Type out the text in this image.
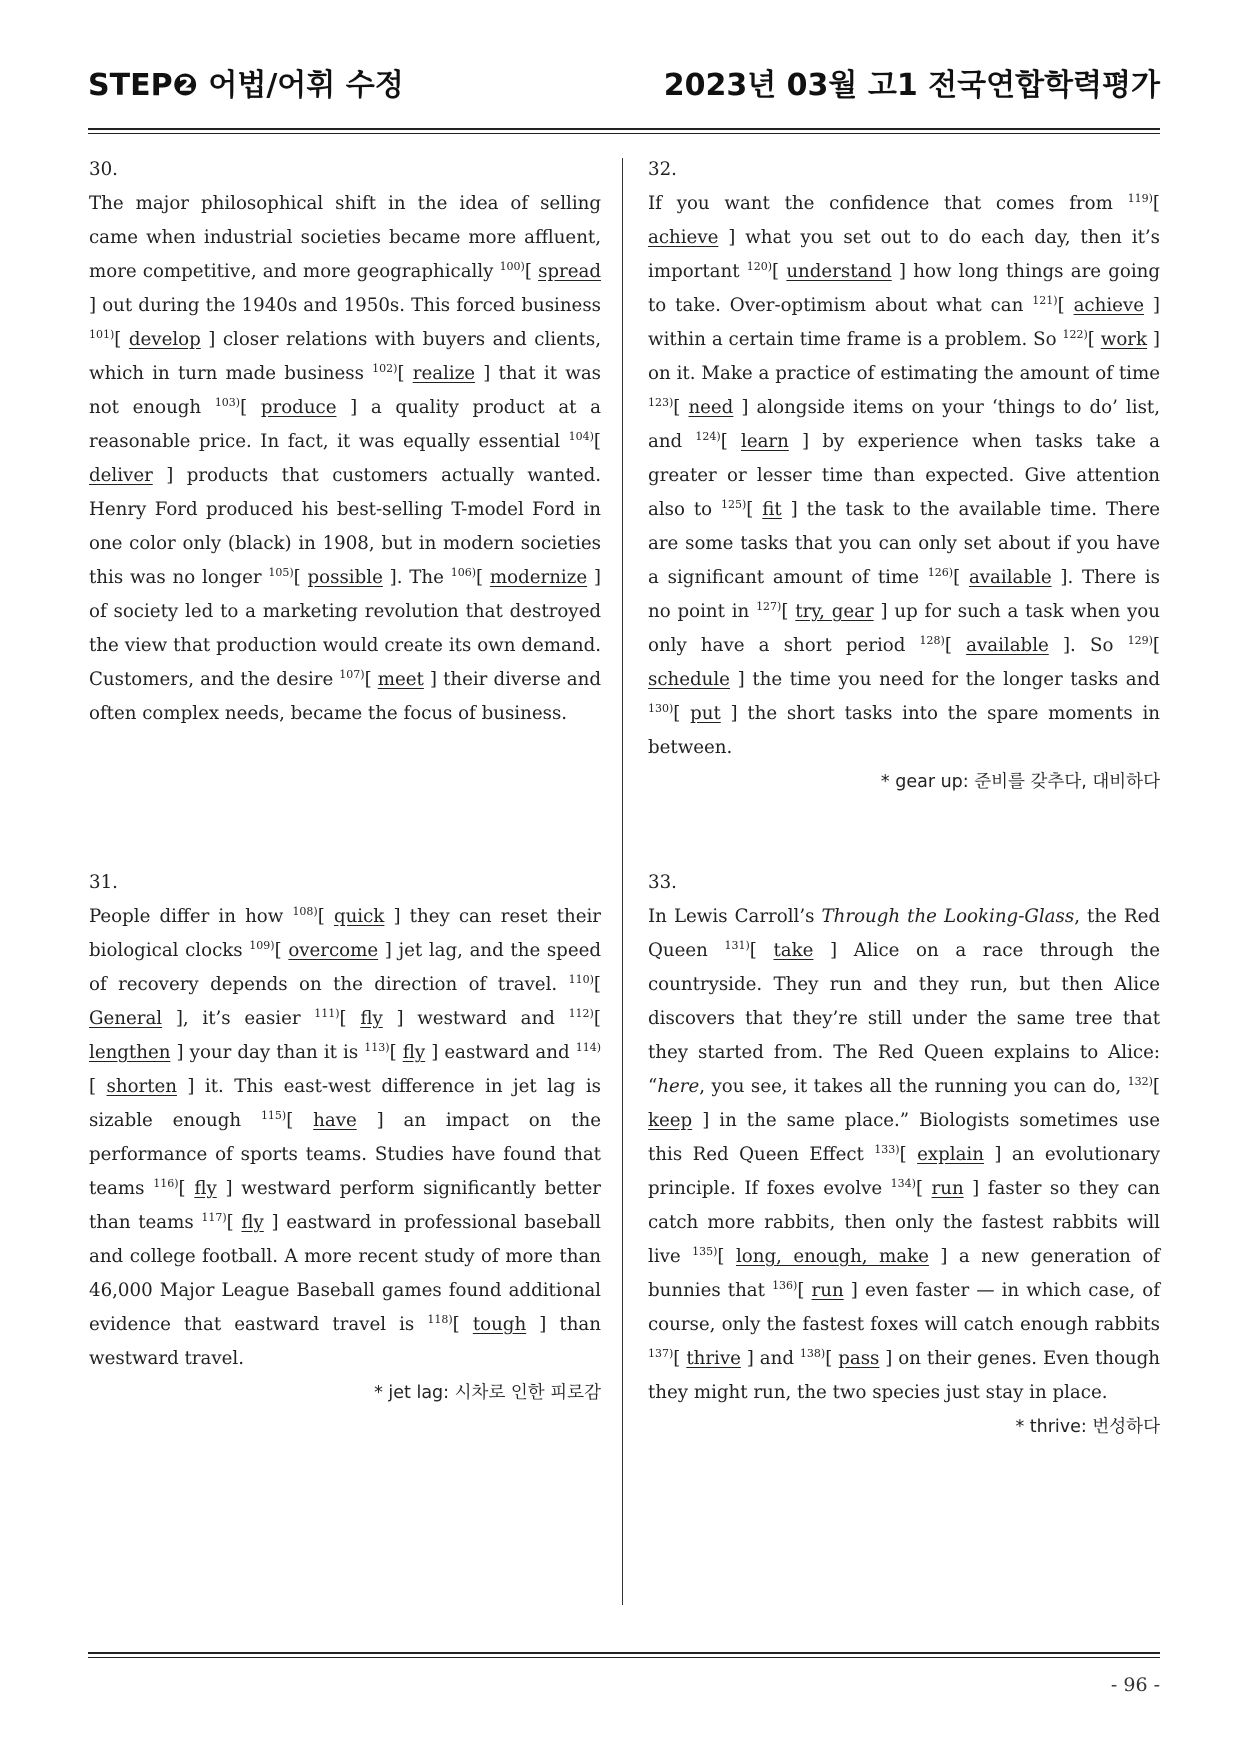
STEP❷ 어법/어휘 수정	2023년 03월 고1 전국연합학력평가
30.
The major philosophical shift in the idea of selling came when industrial societies became more affluent, more competitive, and more geographically $^{100)}$[ spread ] out during the 1940s and 1950s. This forced business $^{101)}$[ develop ] closer relations with buyers and clients, which in turn made business $^{102)}$[ realize ] that it was not enough $^{103)}$[ produce ] a quality product at a reasonable price. In fact, it was equally essential $^{104)}$[ deliver ] products that customers actually wanted. Henry Ford produced his best-selling T-model Ford in one color only (black) in 1908, but in modern societies this was no longer $^{105)}$[ possible ]. The $^{106)}$[ modernize ] of society led to a marketing revolution that destroyed the view that production would create its own demand. Customers, and the desire $^{107)}$[ meet ] their diverse and often complex needs, became the focus of business.
32.
If you want the confidence that comes from $^{119)}$[ achieve ] what you set out to do each day, then it’s important $^{120)}$[ understand ] how long things are going to take. Over-optimism about what can $^{121)}$[ achieve ] within a certain time frame is a problem. So $^{122)}$[ work ] on it. Make a practice of estimating the amount of time $^{123)}$[ need ] alongside items on your ‘things to do’ list, and $^{124)}$[ learn ] by experience when tasks take a greater or lesser time than expected. Give attention also to $^{125)}$[ fit ] the task to the available time. There are some tasks that you can only set about if you have a significant amount of time $^{126)}$[ available ]. There is no point in $^{127)}$[ try, gear ] up for such a task when you only have a short period $^{128)}$[ available ]. So $^{129)}$[ schedule ] the time you need for the longer tasks and $^{130)}$[ put ] the short tasks into the spare moments in between.
* gear up: 준비를 갖추다, 대비하다
31.
People differ in how $^{108)}$[ quick ] they can reset their biological clocks $^{109)}$[ overcome ] jet lag, and the speed of recovery depends on the direction of travel. $^{110)}$[ General ], it’s easier $^{111)}$[ fly ] westward and $^{112)}$[ lengthen ] your day than it is $^{113)}$[ fly ] eastward and $^{114)}$[ shorten ] it. This east-west difference in jet lag is sizable enough $^{115)}$[ have ] an impact on the performance of sports teams. Studies have found that teams $^{116)}$[ fly ] westward perform significantly better than teams $^{117)}$[ fly ] eastward in professional baseball and college football. A more recent study of more than 46,000 Major League Baseball games found additional evidence that eastward travel is $^{118)}$[ tough ] than westward travel.
* jet lag: 시차로 인한 피로감
33.
In Lewis Carroll’s Through the Looking-Glass, the Red Queen $^{131)}$[ take ] Alice on a race through the countryside. They run and they run, but then Alice discovers that they’re still under the same tree that they started from. The Red Queen explains to Alice: “here, you see, it takes all the running you can do, $^{132)}$[ keep ] in the same place.” Biologists sometimes use this Red Queen Effect $^{133)}$[ explain ] an evolutionary principle. If foxes evolve $^{134)}$[ run ] faster so they can catch more rabbits, then only the fastest rabbits will live $^{135)}$[ long, enough, make ] a new generation of bunnies that $^{136)}$[ run ] even faster — in which case, of course, only the fastest foxes will catch enough rabbits $^{137)}$[ thrive ] and $^{138)}$[ pass ] on their genes. Even though they might run, the two species just stay in place.
* thrive: 번성하다
- 96 -
